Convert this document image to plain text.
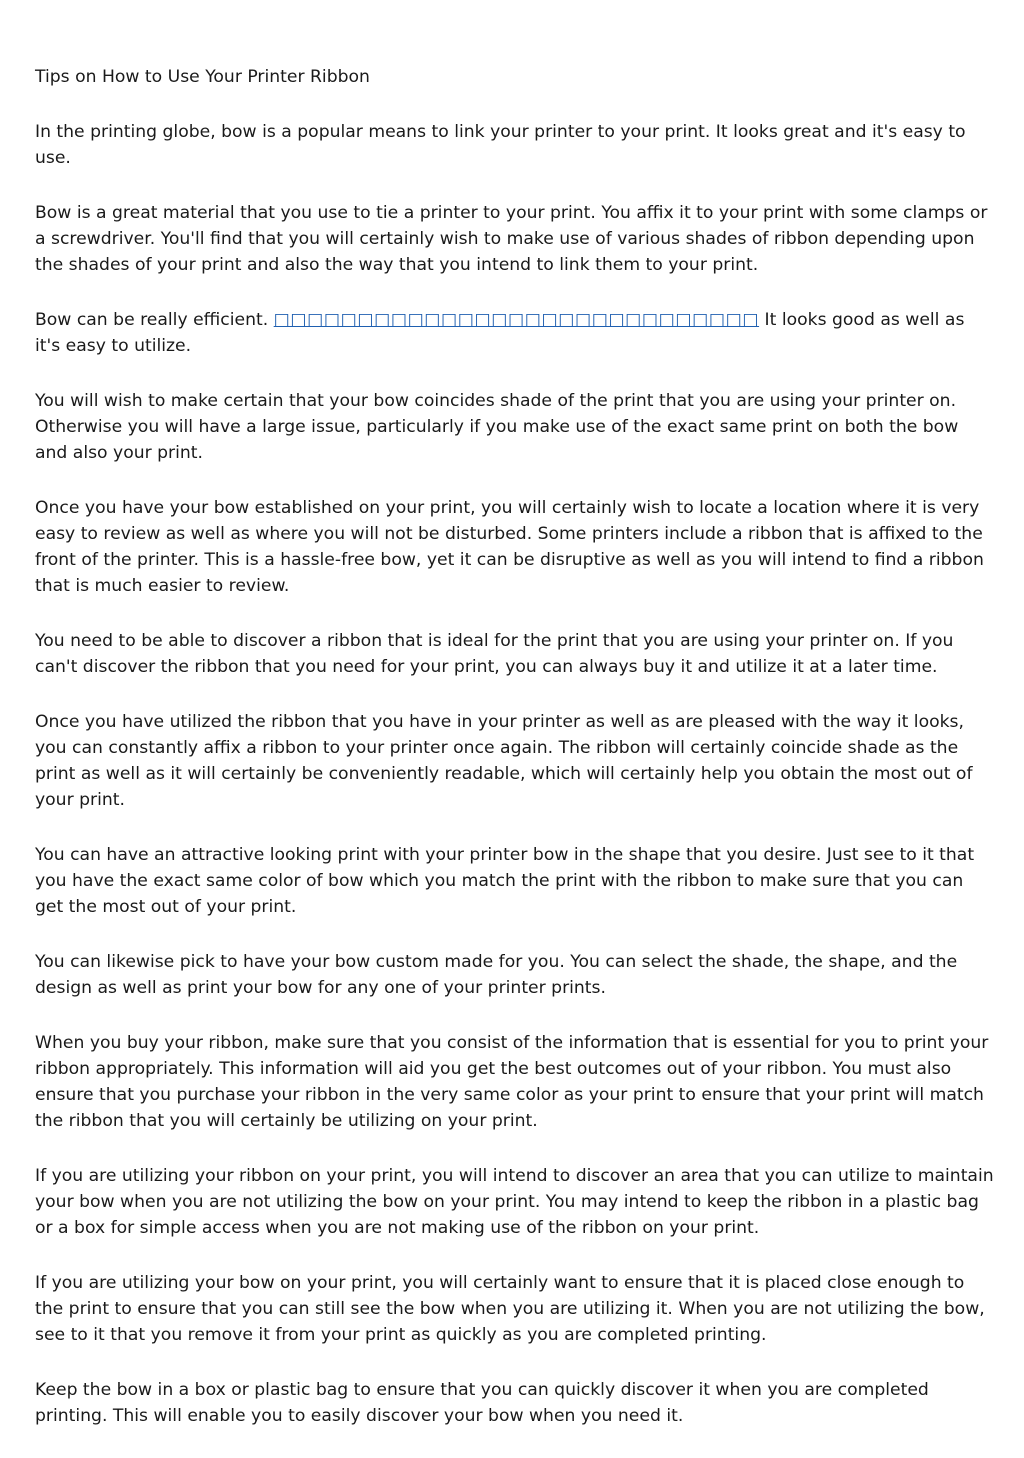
Tips on How to Use Your Printer Ribbon

In the printing globe, bow is a popular means to link your printer to your print. It looks great and it's easy to use.

Bow is a great material that you use to tie a printer to your print. You affix it to your print with some clamps or a screwdriver. You'll find that you will certainly wish to make use of various shades of ribbon depending upon the shades of your print and also the way that you intend to link them to your print.

Bow can be really efficient. □□□□□□□□□□□□□□□□□□□□□□□□□□□□□ It looks good as well as it's easy to utilize.

You will wish to make certain that your bow coincides shade of the print that you are using your printer on. Otherwise you will have a large issue, particularly if you make use of the exact same print on both the bow and also your print.

Once you have your bow established on your print, you will certainly wish to locate a location where it is very easy to review as well as where you will not be disturbed. Some printers include a ribbon that is affixed to the front of the printer. This is a hassle-free bow, yet it can be disruptive as well as you will intend to find a ribbon that is much easier to review.

You need to be able to discover a ribbon that is ideal for the print that you are using your printer on. If you can't discover the ribbon that you need for your print, you can always buy it and utilize it at a later time.

Once you have utilized the ribbon that you have in your printer as well as are pleased with the way it looks, you can constantly affix a ribbon to your printer once again. The ribbon will certainly coincide shade as the print as well as it will certainly be conveniently readable, which will certainly help you obtain the most out of your print.

You can have an attractive looking print with your printer bow in the shape that you desire. Just see to it that you have the exact same color of bow which you match the print with the ribbon to make sure that you can get the most out of your print.

You can likewise pick to have your bow custom made for you. You can select the shade, the shape, and the design as well as print your bow for any one of your printer prints.

When you buy your ribbon, make sure that you consist of the information that is essential for you to print your ribbon appropriately. This information will aid you get the best outcomes out of your ribbon. You must also ensure that you purchase your ribbon in the very same color as your print to ensure that your print will match the ribbon that you will certainly be utilizing on your print.

If you are utilizing your ribbon on your print, you will intend to discover an area that you can utilize to maintain your bow when you are not utilizing the bow on your print. You may intend to keep the ribbon in a plastic bag or a box for simple access when you are not making use of the ribbon on your print.

If you are utilizing your bow on your print, you will certainly want to ensure that it is placed close enough to the print to ensure that you can still see the bow when you are utilizing it. When you are not utilizing the bow, see to it that you remove it from your print as quickly as you are completed printing.

Keep the bow in a box or plastic bag to ensure that you can quickly discover it when you are completed printing. This will enable you to easily discover your bow when you need it.
